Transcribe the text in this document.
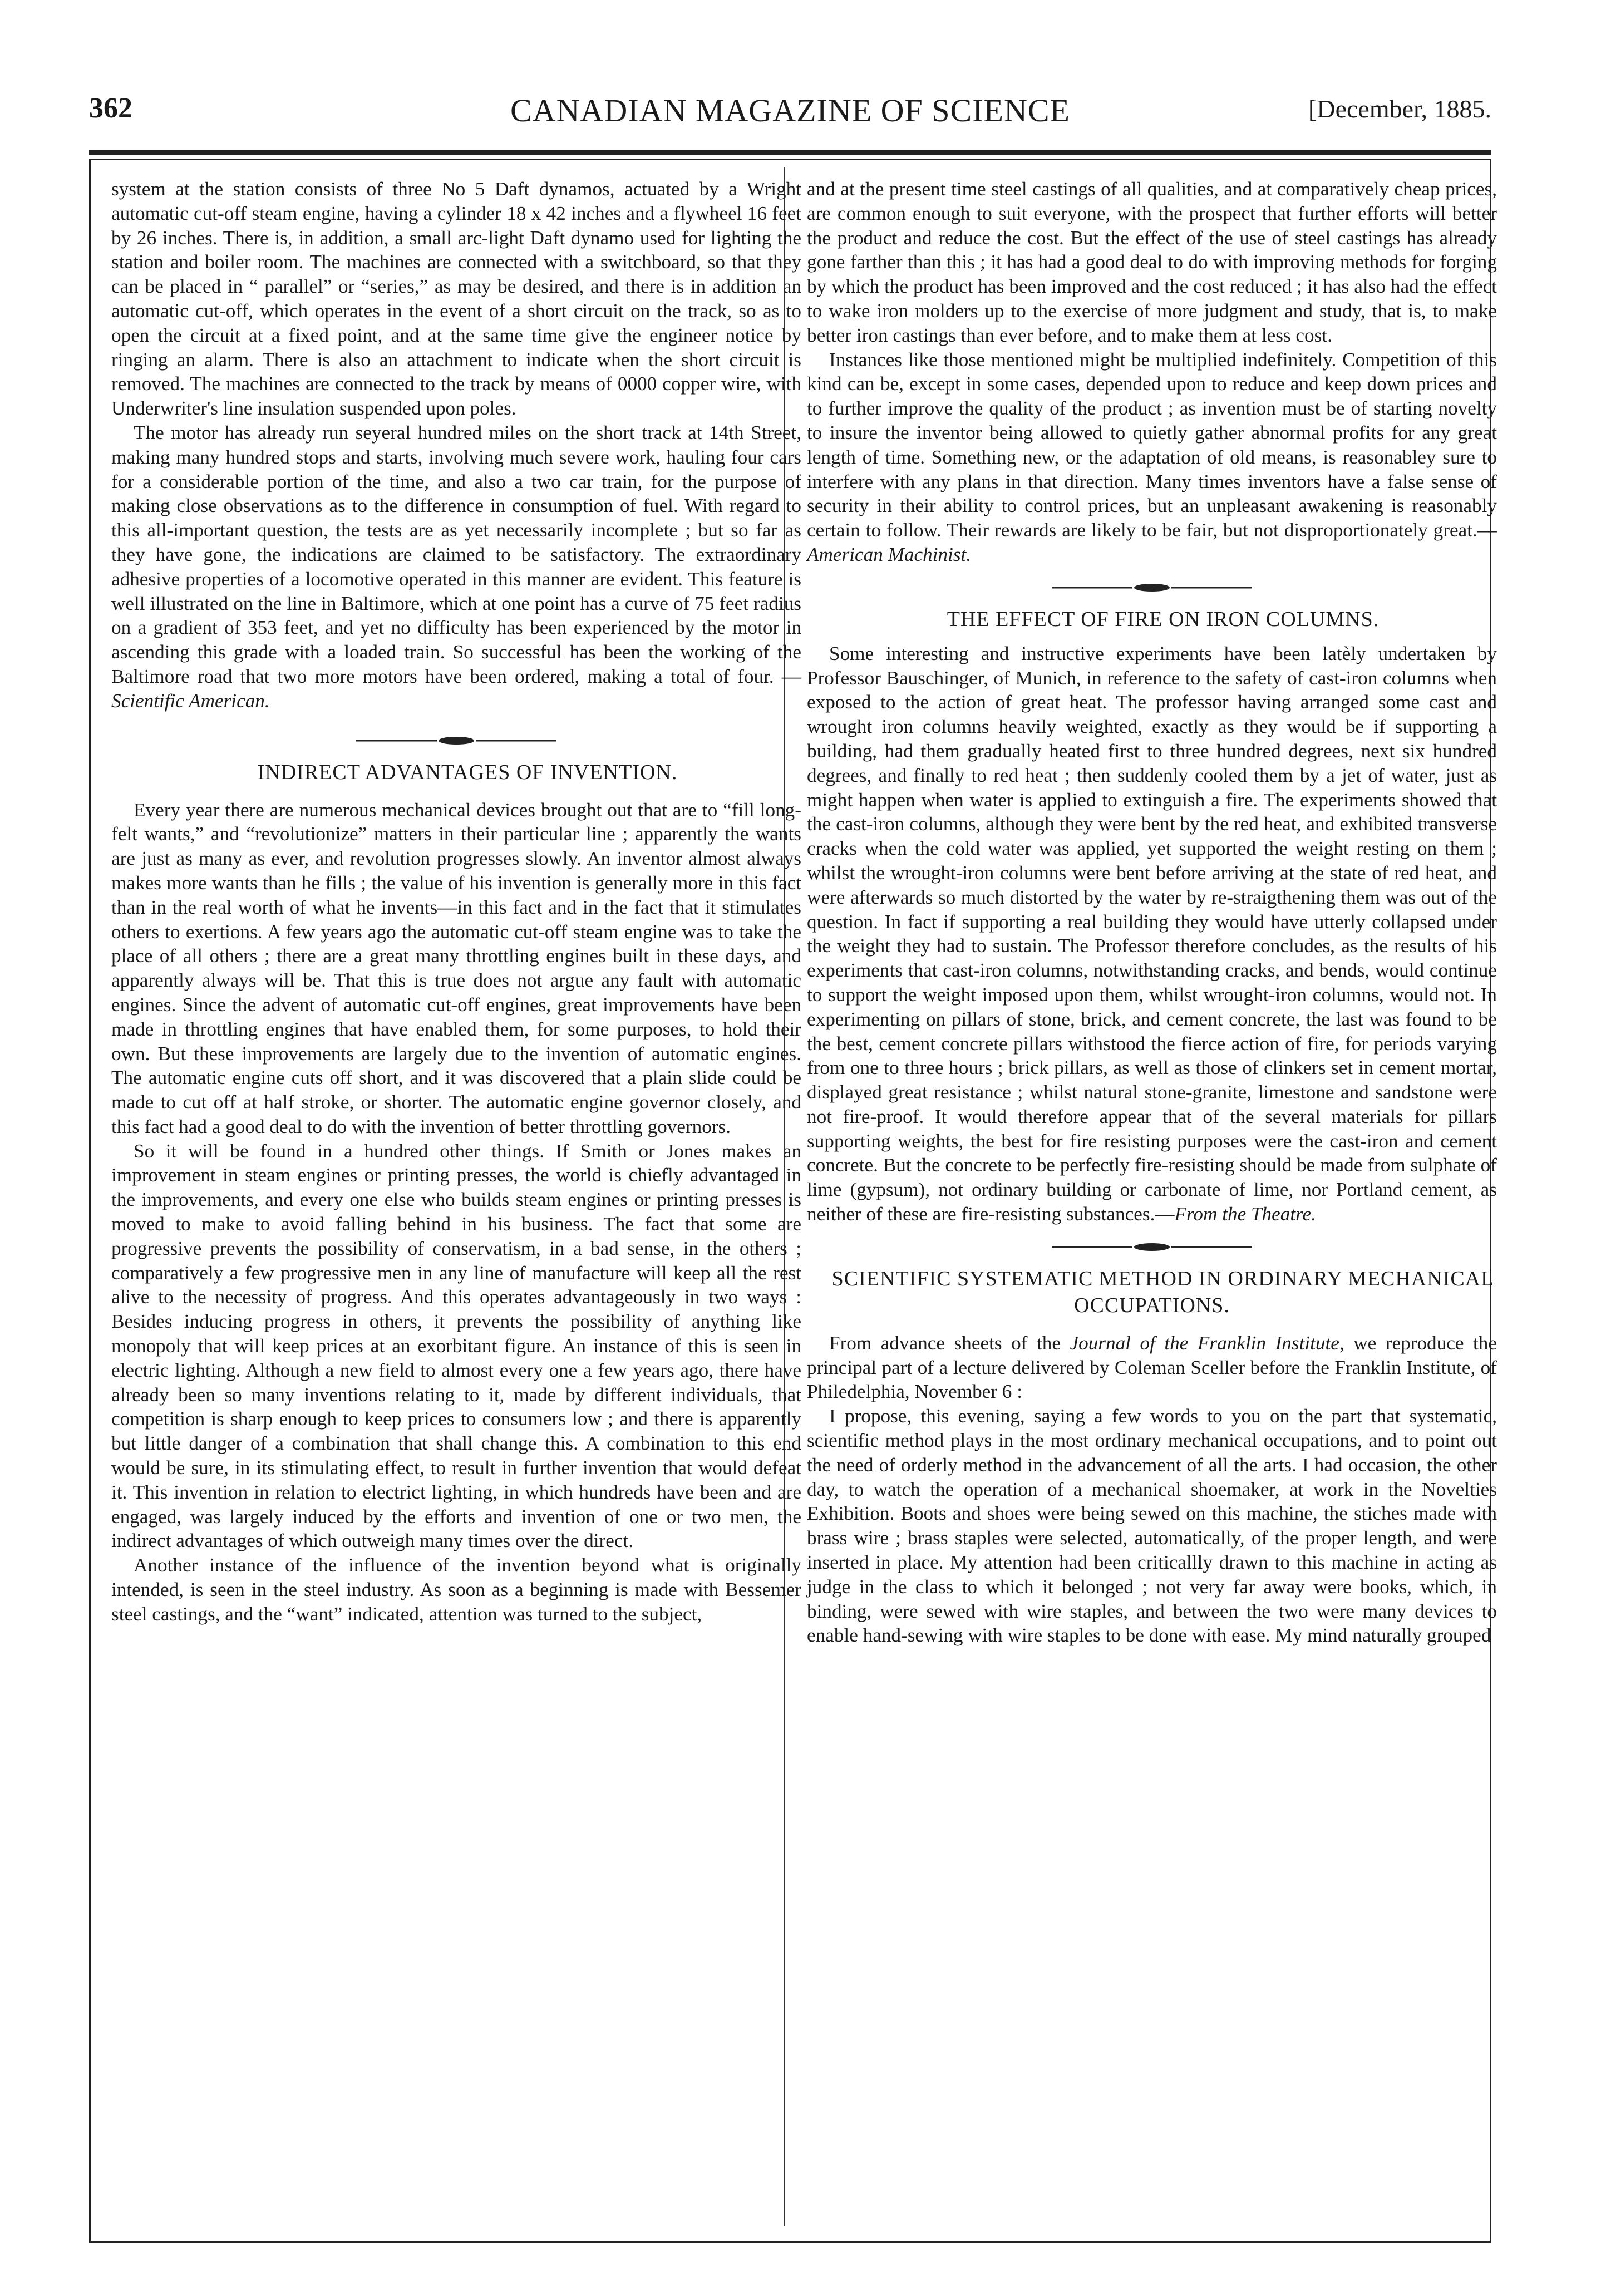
362	CANADIAN MAGAZINE OF SCIENCE	[December, 1885.

system at the station consists of three No 5 Daft dynamos, actuated by a Wright automatic cut-off steam engine, having a cylinder 18 x 42 inches and a flywheel 16 feet by 26 inches. There is, in addition, a small arc-light Daft dynamo used for lighting the station and boiler room. The machines are connected with a switchboard, so that they can be placed in “ parallel” or “series,” as may be desired, and there is in addition an automatic cut-off, which operates in the event of a short circuit on the track, so as to open the circuit at a fixed point, and at the same time give the engineer notice by ringing an alarm. There is also an attachment to indicate when the short circuit is removed. The machines are connected to the track by means of 0000 copper wire, with Underwriter's line insulation suspended upon poles.

The motor has already run seyeral hundred miles on the short track at 14th Street, making many hundred stops and starts, involving much severe work, hauling four cars for a considerable portion of the time, and also a two car train, for the purpose of making close observations as to the difference in consumption of fuel. With regard to this all-important question, the tests are as yet necessarily incomplete ; but so far as they have gone, the indications are claimed to be satisfactory. The extraordinary adhesive properties of a locomotive operated in this manner are evident. This feature is well illustrated on the line in Baltimore, which at one point has a curve of 75 feet radius on a gradient of 353 feet, and yet no difficulty has been experienced by the motor in ascending this grade with a loaded train. So successful has been the working of the Baltimore road that two more motors have been ordered, making a total of four. — Scientific American.

INDIRECT ADVANTAGES OF INVENTION.

Every year there are numerous mechanical devices brought out that are to “fill long-felt wants,” and “revolutionize” matters in their particular line ; apparently the wants are just as many as ever, and revolution progresses slowly. An inventor almost always makes more wants than he fills ; the value of his invention is generally more in this fact than in the real worth of what he invents—in this fact and in the fact that it stimulates others to exertions. A few years ago the automatic cut-off steam engine was to take the place of all others ; there are a great many throttling engines built in these days, and apparently always will be. That this is true does not argue any fault with automatic engines. Since the advent of automatic cut-off engines, great improvements have been made in throttling engines that have enabled them, for some purposes, to hold their own. But these improvements are largely due to the invention of automatic engines. The automatic engine cuts off short, and it was discovered that a plain slide could be made to cut off at half stroke, or shorter. The automatic engine governor closely, and this fact had a good deal to do with the invention of better throttling governors.

So it will be found in a hundred other things. If Smith or Jones makes an improvement in steam engines or printing presses, the world is chiefly advantaged in the improvements, and every one else who builds steam engines or printing presses is moved to make to avoid falling behind in his business. The fact that some are progressive prevents the possibility of conservatism, in a bad sense, in the others ; comparatively a few progressive men in any line of manufacture will keep all the rest alive to the necessity of progress. And this operates advantageously in two ways : Besides inducing progress in others, it prevents the possibility of anything like monopoly that will keep prices at an exorbitant figure. An instance of this is seen in electric lighting. Although a new field to almost every one a few years ago, there have already been so many inventions relating to it, made by different individuals, that competition is sharp enough to keep prices to consumers low ; and there is apparently but little danger of a combination that shall change this. A combination to this end would be sure, in its stimulating effect, to result in further invention that would defeat it. This invention in relation to electrict lighting, in which hundreds have been and are engaged, was largely induced by the efforts and invention of one or two men, the indirect advantages of which outweigh many times over the direct.

Another instance of the influence of the invention beyond what is originally intended, is seen in the steel industry. As soon as a beginning is made with Bessemer steel castings, and the “want” indicated, attention was turned to the subject,

and at the present time steel castings of all qualities, and at comparatively cheap prices, are common enough to suit everyone, with the prospect that further efforts will better the product and reduce the cost. But the effect of the use of steel castings has already gone farther than this ; it has had a good deal to do with improving methods for forging by which the product has been improved and the cost reduced ; it has also had the effect to wake iron molders up to the exercise of more judgment and study, that is, to make better iron castings than ever before, and to make them at less cost.

Instances like those mentioned might be multiplied indefinitely. Competition of this kind can be, except in some cases, depended upon to reduce and keep down prices and to further improve the quality of the product ; as invention must be of starting novelty to insure the inventor being allowed to quietly gather abnormal profits for any great length of time. Something new, or the adaptation of old means, is reasonabley sure to interfere with any plans in that direction. Many times inventors have a false sense of security in their ability to control prices, but an unpleasant awakening is reasonably certain to follow. Their rewards are likely to be fair, but not disproportionately great.—American Machinist.

THE EFFECT OF FIRE ON IRON COLUMNS.

Some interesting and instructive experiments have been latèly undertaken by Professor Bauschinger, of Munich, in reference to the safety of cast-iron columns when exposed to the action of great heat. The professor having arranged some cast and wrought iron columns heavily weighted, exactly as they would be if supporting a building, had them gradually heated first to three hundred degrees, next six hundred degrees, and finally to red heat ; then suddenly cooled them by a jet of water, just as might happen when water is applied to extinguish a fire. The experiments showed that the cast-iron columns, although they were bent by the red heat, and exhibited transverse cracks when the cold water was applied, yet supported the weight resting on them ; whilst the wrought-iron columns were bent before arriving at the state of red heat, and were afterwards so much distorted by the water by re-straigthening them was out of the question. In fact if supporting a real building they would have utterly collapsed under the weight they had to sustain. The Professor therefore concludes, as the results of his experiments that cast-iron columns, notwithstanding cracks, and bends, would continue to support the weight imposed upon them, whilst wrought-iron columns, would not. In experimenting on pillars of stone, brick, and cement concrete, the last was found to be the best, cement concrete pillars withstood the fierce action of fire, for periods varying from one to three hours ; brick pillars, as well as those of clinkers set in cement mortar, displayed great resistance ; whilst natural stone-granite, limestone and sandstone were not fire-proof. It would therefore appear that of the several materials for pillars supporting weights, the best for fire resisting purposes were the cast-iron and cement concrete. But the concrete to be perfectly fire-resisting should be made from sulphate of lime (gypsum), not ordinary building or carbonate of lime, nor Portland cement, as neither of these are fire-resisting substances.—From the Theatre.

SCIENTIFIC SYSTEMATIC METHOD IN ORDINARY MECHANICAL OCCUPATIONS.

From advance sheets of the Journal of the Franklin Institute, we reproduce the principal part of a lecture delivered by Coleman Sceller before the Franklin Institute, of Philedelphia, November 6 :

I propose, this evening, saying a few words to you on the part that systematic, scientific method plays in the most ordinary mechanical occupations, and to point out the need of orderly method in the advancement of all the arts. I had occasion, the other day, to watch the operation of a mechanical shoemaker, at work in the Novelties Exhibition. Boots and shoes were being sewed on this machine, the stiches made with brass wire ; brass staples were selected, automatically, of the proper length, and were inserted in place. My attention had been criticallly drawn to this machine in acting as judge in the class to which it belonged ; not very far away were books, which, in binding, were sewed with wire staples, and between the two were many devices to enable hand-sewing with wire staples to be done with ease. My mind naturally grouped
